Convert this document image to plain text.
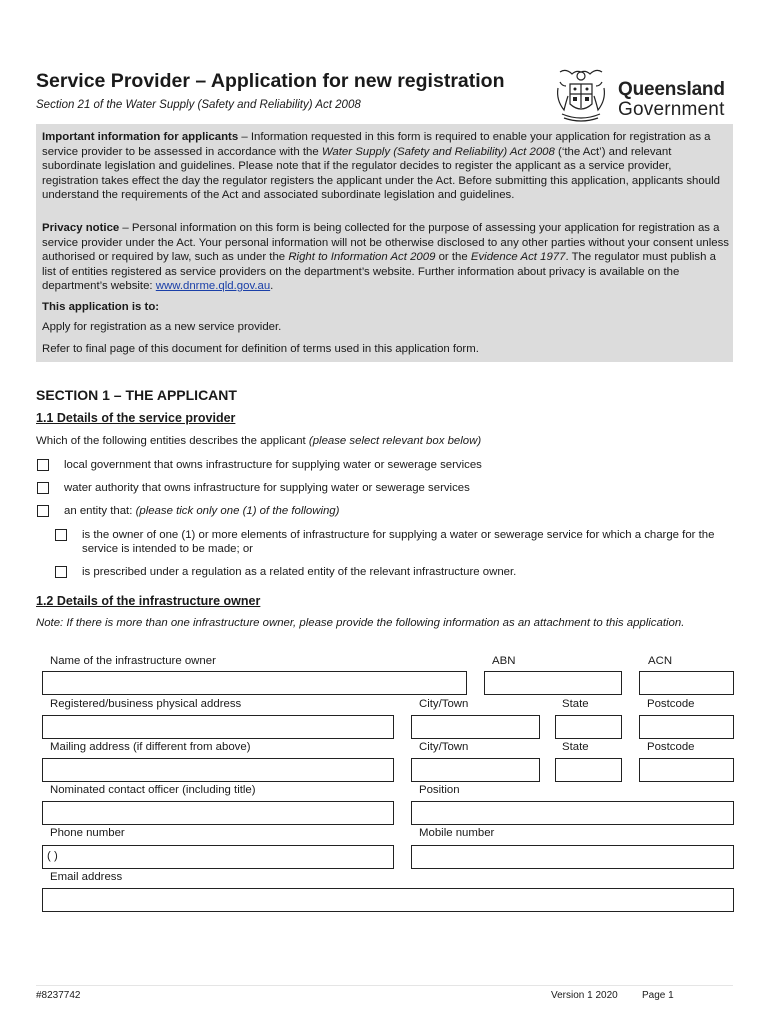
Service Provider – Application for new registration
Section 21 of the Water Supply (Safety and Reliability) Act 2008
Queensland
Government
Important information for applicants – Information requested in this form is required to enable your application for registration as a service provider to be assessed in accordance with the Water Supply (Safety and Reliability) Act 2008 (‘the Act’) and relevant subordinate legislation and guidelines. Please note that if the regulator decides to register the applicant as a service provider, registration takes effect the day the regulator registers the applicant under the Act. Before submitting this application, applicants should understand the requirements of the Act and associated subordinate legislation and guidelines.
Privacy notice – Personal information on this form is being collected for the purpose of assessing your application for registration as a service provider under the Act. Your personal information will not be otherwise disclosed to any other parties without your consent unless authorised or required by law, such as under the Right to Information Act 2009 or the Evidence Act 1977. The regulator must publish a list of entities registered as service providers on the department’s website. Further information about privacy is available on the department’s website: www.dnrme.qld.gov.au.
This application is to:
Apply for registration as a new service provider.
Refer to final page of this document for definition of terms used in this application form.
SECTION 1 – THE APPLICANT
1.1 Details of the service provider
Which of the following entities describes the applicant (please select relevant box below)
local government that owns infrastructure for supplying water or sewerage services
water authority that owns infrastructure for supplying water or sewerage services
an entity that: (please tick only one (1) of the following)
is the owner of one (1) or more elements of infrastructure for supplying a water or sewerage service for which a charge for the service is intended to be made; or
is prescribed under a regulation as a related entity of the relevant infrastructure owner.
1.2 Details of the infrastructure owner
Note: If there is more than one infrastructure owner, please provide the following information as an attachment to this application.
Name of the infrastructure owner	ABN	ACN
Registered/business physical address	City/Town	State	Postcode
Mailing address (if different from above)	City/Town	State	Postcode
Nominated contact officer (including title)	Position
Phone number	Mobile number
( )
Email address
#8237742	Version 1 2020 Page 1
